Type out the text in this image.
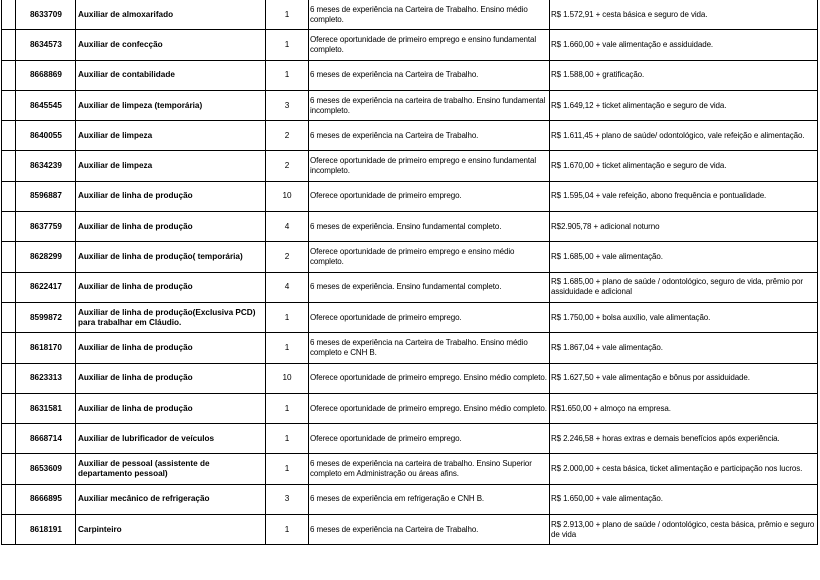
	8633709	Auxiliar de almoxarifado	1	6 meses de experiência na Carteira de Trabalho. Ensino médio completo.	R$ 1.572,91 + cesta básica e seguro de vida.
	8634573	Auxiliar de confecção	1	Oferece oportunidade de primeiro emprego e ensino fundamental completo.	R$ 1.660,00 + vale alimentação e assiduidade.
	8668869	Auxiliar de contabilidade	1	6 meses de experiência na Carteira de Trabalho.	R$ 1.588,00 + gratificação.
	8645545	Auxiliar de limpeza (temporária)	3	6 meses de experiência na carteira de trabalho. Ensino fundamental incompleto.	R$ 1.649,12 + ticket alimentação e seguro de vida.
	8640055	Auxiliar de limpeza	2	6 meses de experiência na Carteira de Trabalho.	R$ 1.611,45 + plano de saúde/ odontológico, vale refeição e alimentação.
	8634239	Auxiliar de limpeza	2	Oferece oportunidade de primeiro emprego e ensino fundamental incompleto.	R$ 1.670,00 + ticket alimentação e seguro de vida.
	8596887	Auxiliar de linha de produção	10	Oferece oportunidade de primeiro emprego.	R$ 1.595,04 + vale refeição, abono frequência e pontualidade.
	8637759	Auxiliar de linha de produção	4	6 meses de experiência. Ensino fundamental completo.	R$2.905,78 + adicional noturno
	8628299	Auxiliar de linha de produção( temporária)	2	Oferece oportunidade de primeiro emprego e ensino médio completo.	R$ 1.685,00 + vale alimentação.
	8622417	Auxiliar de linha de produção	4	6 meses de experiência. Ensino fundamental completo.	R$ 1.685,00 + plano de saúde / odontológico, seguro de vida, prêmio por assiduidade e adicional
	8599872	Auxiliar de linha de produção(Exclusiva PCD) para trabalhar em Cláudio.	1	Oferece oportunidade de primeiro emprego.	R$ 1.750,00 + bolsa auxílio, vale alimentação.
	8618170	Auxiliar de linha de produção	1	6 meses de experiência na Carteira de Trabalho. Ensino médio completo e CNH B.	R$ 1.867,04 + vale alimentação.
	8623313	Auxiliar de linha de produção	10	Oferece oportunidade de primeiro emprego. Ensino médio completo.	R$ 1.627,50 + vale alimentação e bônus por assiduidade.
	8631581	Auxiliar de linha de produção	1	Oferece oportunidade de primeiro emprego. Ensino médio completo.	R$1.650,00 + almoço na empresa.
	8668714	Auxiliar de lubrificador de veículos	1	Oferece oportunidade de primeiro emprego.	R$ 2.246,58 + horas extras e demais benefícios após experiência.
	8653609	Auxiliar de pessoal (assistente de departamento pessoal)	1	6 meses de experiência na carteira de trabalho. Ensino Superior completo em Administração ou áreas afins.	R$ 2.000,00 + cesta básica, ticket alimentação e participação nos lucros.
	8666895	Auxiliar mecânico de refrigeração	3	6 meses de experiência em refrigeração e CNH B.	R$ 1.650,00 + vale alimentação.
	8618191	Carpinteiro	1	6 meses de experiência na Carteira de Trabalho.	R$ 2.913,00 + plano de saúde / odontológico, cesta básica, prêmio e seguro de vida
